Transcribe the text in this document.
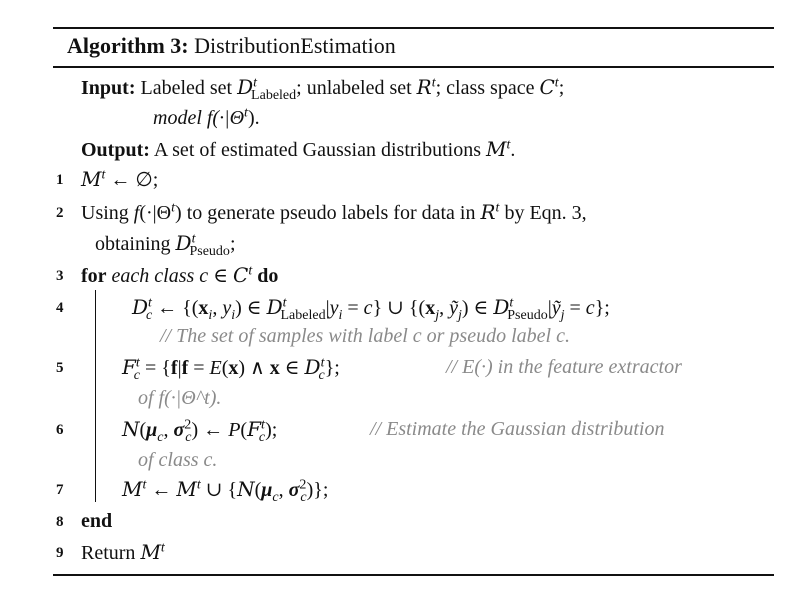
Algorithm 3: DistributionEstimation
Input: Labeled set $D^t_{Labeled}$; unlabeled set $R^t$; class space $C^t$;
model $f(\cdot|\Theta^t)$.
Output: A set of estimated Gaussian distributions $M^t$.
1 $M^t$ ← ∅;
2 Using $f(\cdot|\Theta^t)$ to generate pseudo labels for data in $R^t$ by Eqn. 3,
obtaining $D^t_{Pseudo}$;
3 for each class c ∈ $C^t$ do
4	$D^t_c$ ← {($x_i$, $y_i$) ∈ $D^t_{Labeled}|y_i = c$} ∪ {($x_j$, ỹ$_j$) ∈ $D^t_{Pseudo}|ỹ_j = c$};
// The set of samples with label c or pseudo label c.
5	$F^t_c = \{f|f = E(x)$ ∧ x ∈ $D^t_c$};	// E(·) in the feature extractor
of f(·|Θ^t).
6	$N(\mu_c$, $\sigma^2_c$) ← $P(F^t_c)$;	// Estimate the Gaussian distribution
of class c.
7	$M^t$ ← $M^t$ ∪ {$N(\mu_c$, $\sigma^2_c$)};
8 end
9 Return $M^t$
